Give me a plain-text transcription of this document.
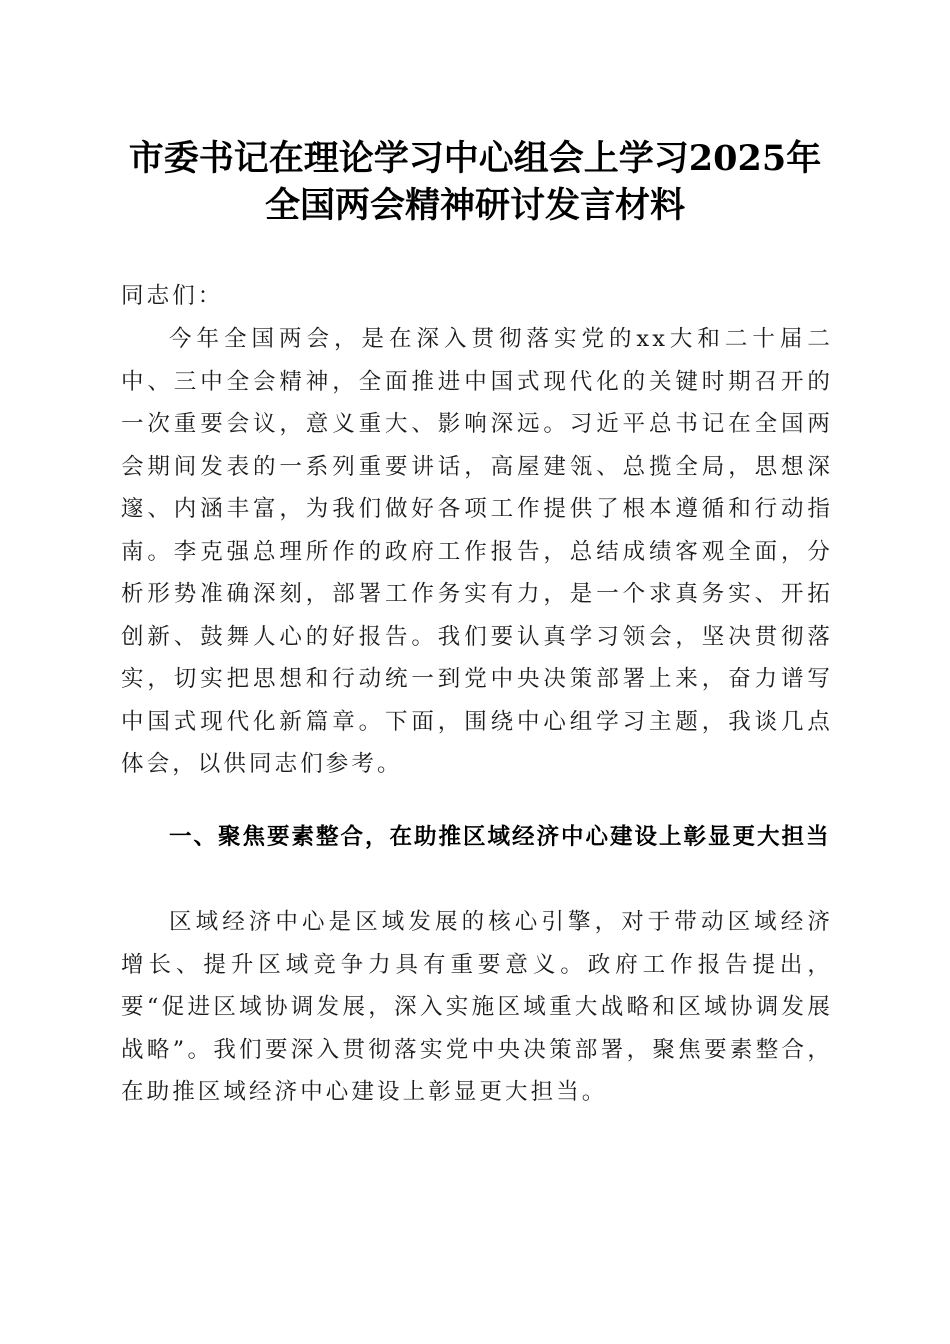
市委书记在理论学习中心组会上学习2025年
全国两会精神研讨发言材料

同志们：

今年全国两会，是在深入贯彻落实党的xx大和二十届二中、三中全会精神，全面推进中国式现代化的关键时期召开的一次重要会议，意义重大、影响深远。习近平总书记在全国两会期间发表的一系列重要讲话，高屋建瓴、总揽全局，思想深邃、内涵丰富，为我们做好各项工作提供了根本遵循和行动指南。李克强总理所作的政府工作报告，总结成绩客观全面，分析形势准确深刻，部署工作务实有力，是一个求真务实、开拓创新、鼓舞人心的好报告。我们要认真学习领会，坚决贯彻落实，切实把思想和行动统一到党中央决策部署上来，奋力谱写中国式现代化新篇章。下面，围绕中心组学习主题，我谈几点体会，以供同志们参考。

一、聚焦要素整合，在助推区域经济中心建设上彰显更大担当

区域经济中心是区域发展的核心引擎，对于带动区域经济增长、提升区域竞争力具有重要意义。政府工作报告提出，要“促进区域协调发展，深入实施区域重大战略和区域协调发展战略”。我们要深入贯彻落实党中央决策部署，聚焦要素整合，在助推区域经济中心建设上彰显更大担当。
